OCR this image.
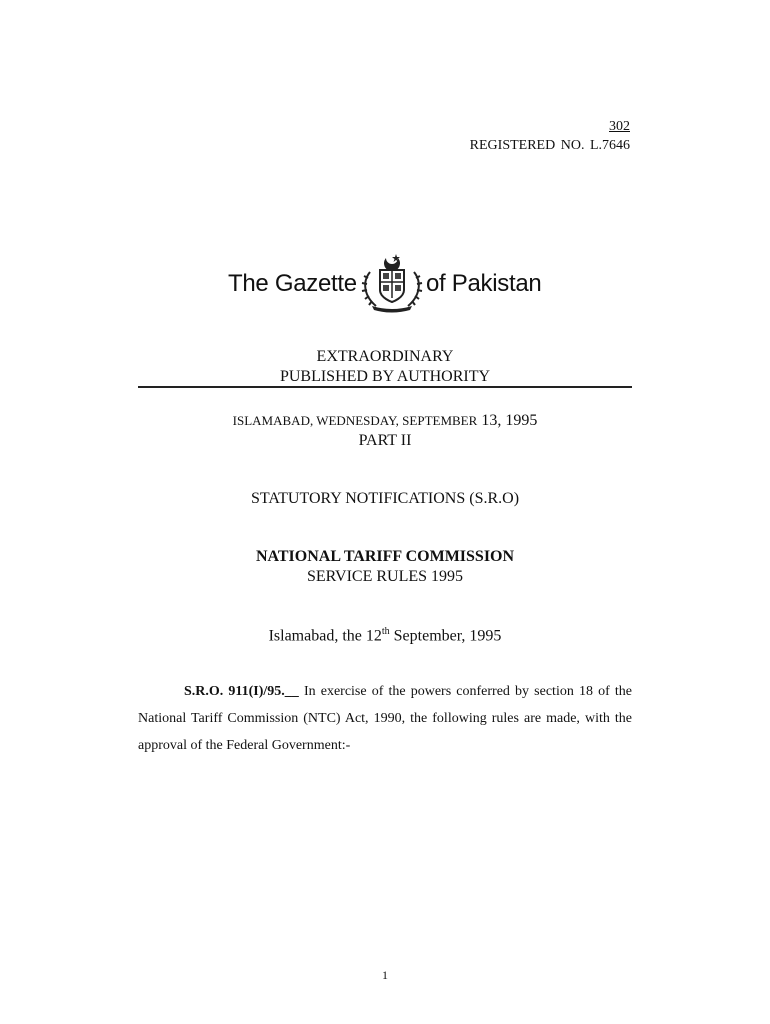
302
REGISTERED NO. L.7646
The Gazette	of Pakistan
EXTRAORDINARY
PUBLISHED BY AUTHORITY
ISLAMABAD, WEDNESDAY, SEPTEMBER 13, 1995
PART II
STATUTORY NOTIFICATIONS (S.R.O)
NATIONAL TARIFF COMMISSION
SERVICE RULES 1995
Islamabad, the 12th September, 1995
S.R.O. 911(I)/95.__ In exercise of the powers conferred by section 18 of the National Tariff Commission (NTC) Act, 1990, the following rules are made, with the approval of the Federal Government:-
1
